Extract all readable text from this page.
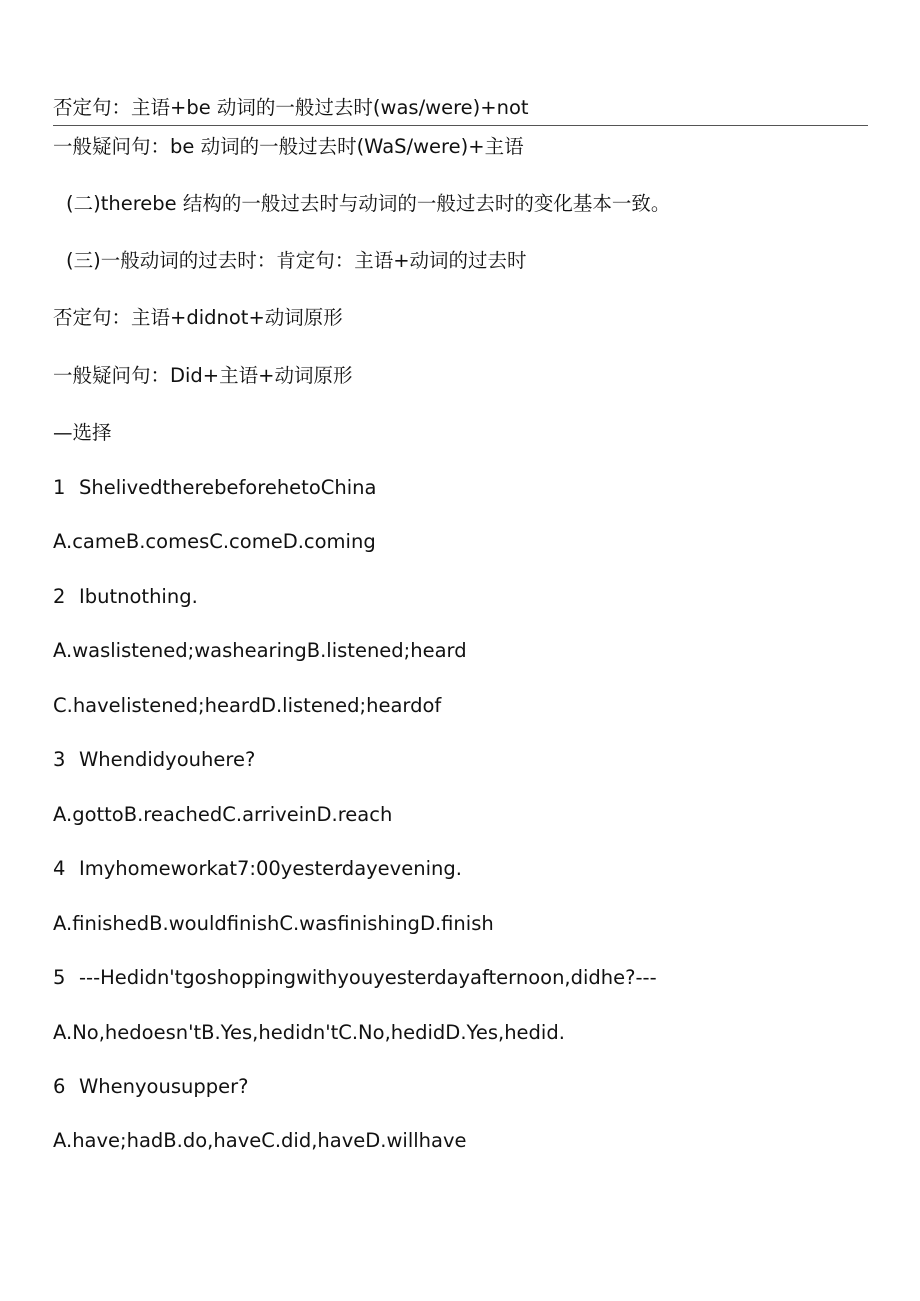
否定句：主语+be 动词的一般过去时(was/were)+not
一般疑问句：be 动词的一般过去时(WaS/were)+主语
(二)therebe 结构的一般过去时与动词的一般过去时的变化基本一致。
(三)一般动词的过去时：肯定句：主语+动词的过去时
否定句：主语+didnot+动词原形
一般疑问句：Did+主语+动词原形
—选择
1 ShelivedtherebeforehetoChina
A.cameB.comesC.comeD.coming
2 Ibutnothing.
A.waslistened;washearingB.listened;heard
C.havelistened;heardD.listened;heardof
3 Whendidyouhere?
A.gottoB.reachedC.arriveinD.reach
4 Imyhomeworkat7:00yesterdayevening.
A.finishedB.wouldfinishC.wasfinishingD.finish
5 ---Hedidn'tgoshoppingwithyouyesterdayafternoon,didhe?---
A.No,hedoesn'tB.Yes,hedidn'tC.No,hedidD.Yes,hedid.
6 Whenyousupper?
A.have;hadB.do,haveC.did,haveD.willhave
